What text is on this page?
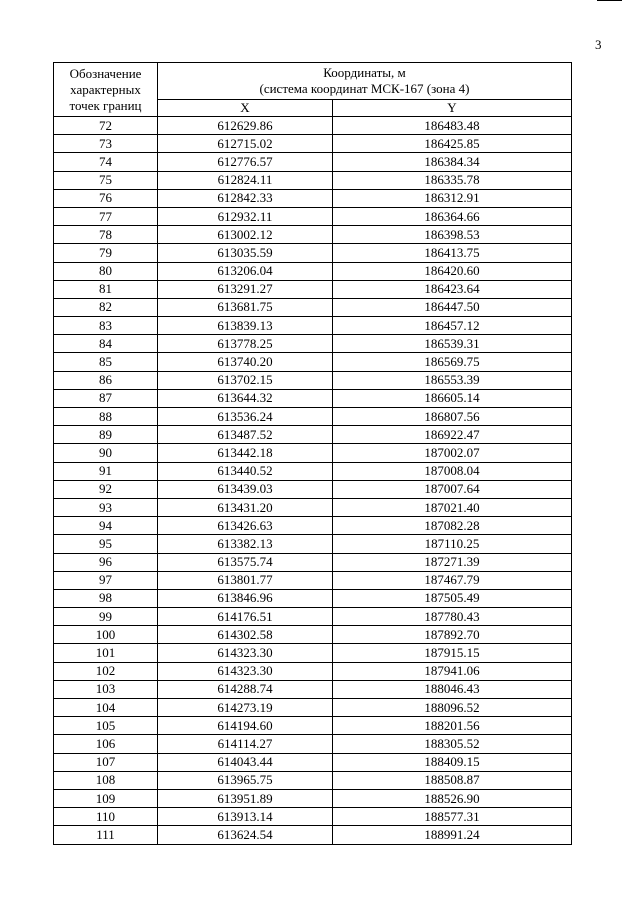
3
Обозначение
характерных
точек границ	Координаты, м
(система координат МСК-167 (зона 4)	

	X	Y
72	612629.86	186483.48
73	612715.02	186425.85
74	612776.57	186384.34
75	612824.11	186335.78
76	612842.33	186312.91
77	612932.11	186364.66
78	613002.12	186398.53
79	613035.59	186413.75
80	613206.04	186420.60
81	613291.27	186423.64
82	613681.75	186447.50
83	613839.13	186457.12
84	613778.25	186539.31
85	613740.20	186569.75
86	613702.15	186553.39
87	613644.32	186605.14
88	613536.24	186807.56
89	613487.52	186922.47
90	613442.18	187002.07
91	613440.52	187008.04
92	613439.03	187007.64
93	613431.20	187021.40
94	613426.63	187082.28
95	613382.13	187110.25
96	613575.74	187271.39
97	613801.77	187467.79
98	613846.96	187505.49
99	614176.51	187780.43
100	614302.58	187892.70
101	614323.30	187915.15
102	614323.30	187941.06
103	614288.74	188046.43
104	614273.19	188096.52
105	614194.60	188201.56
106	614114.27	188305.52
107	614043.44	188409.15
108	613965.75	188508.87
109	613951.89	188526.90
110	613913.14	188577.31
111	613624.54	188991.24
